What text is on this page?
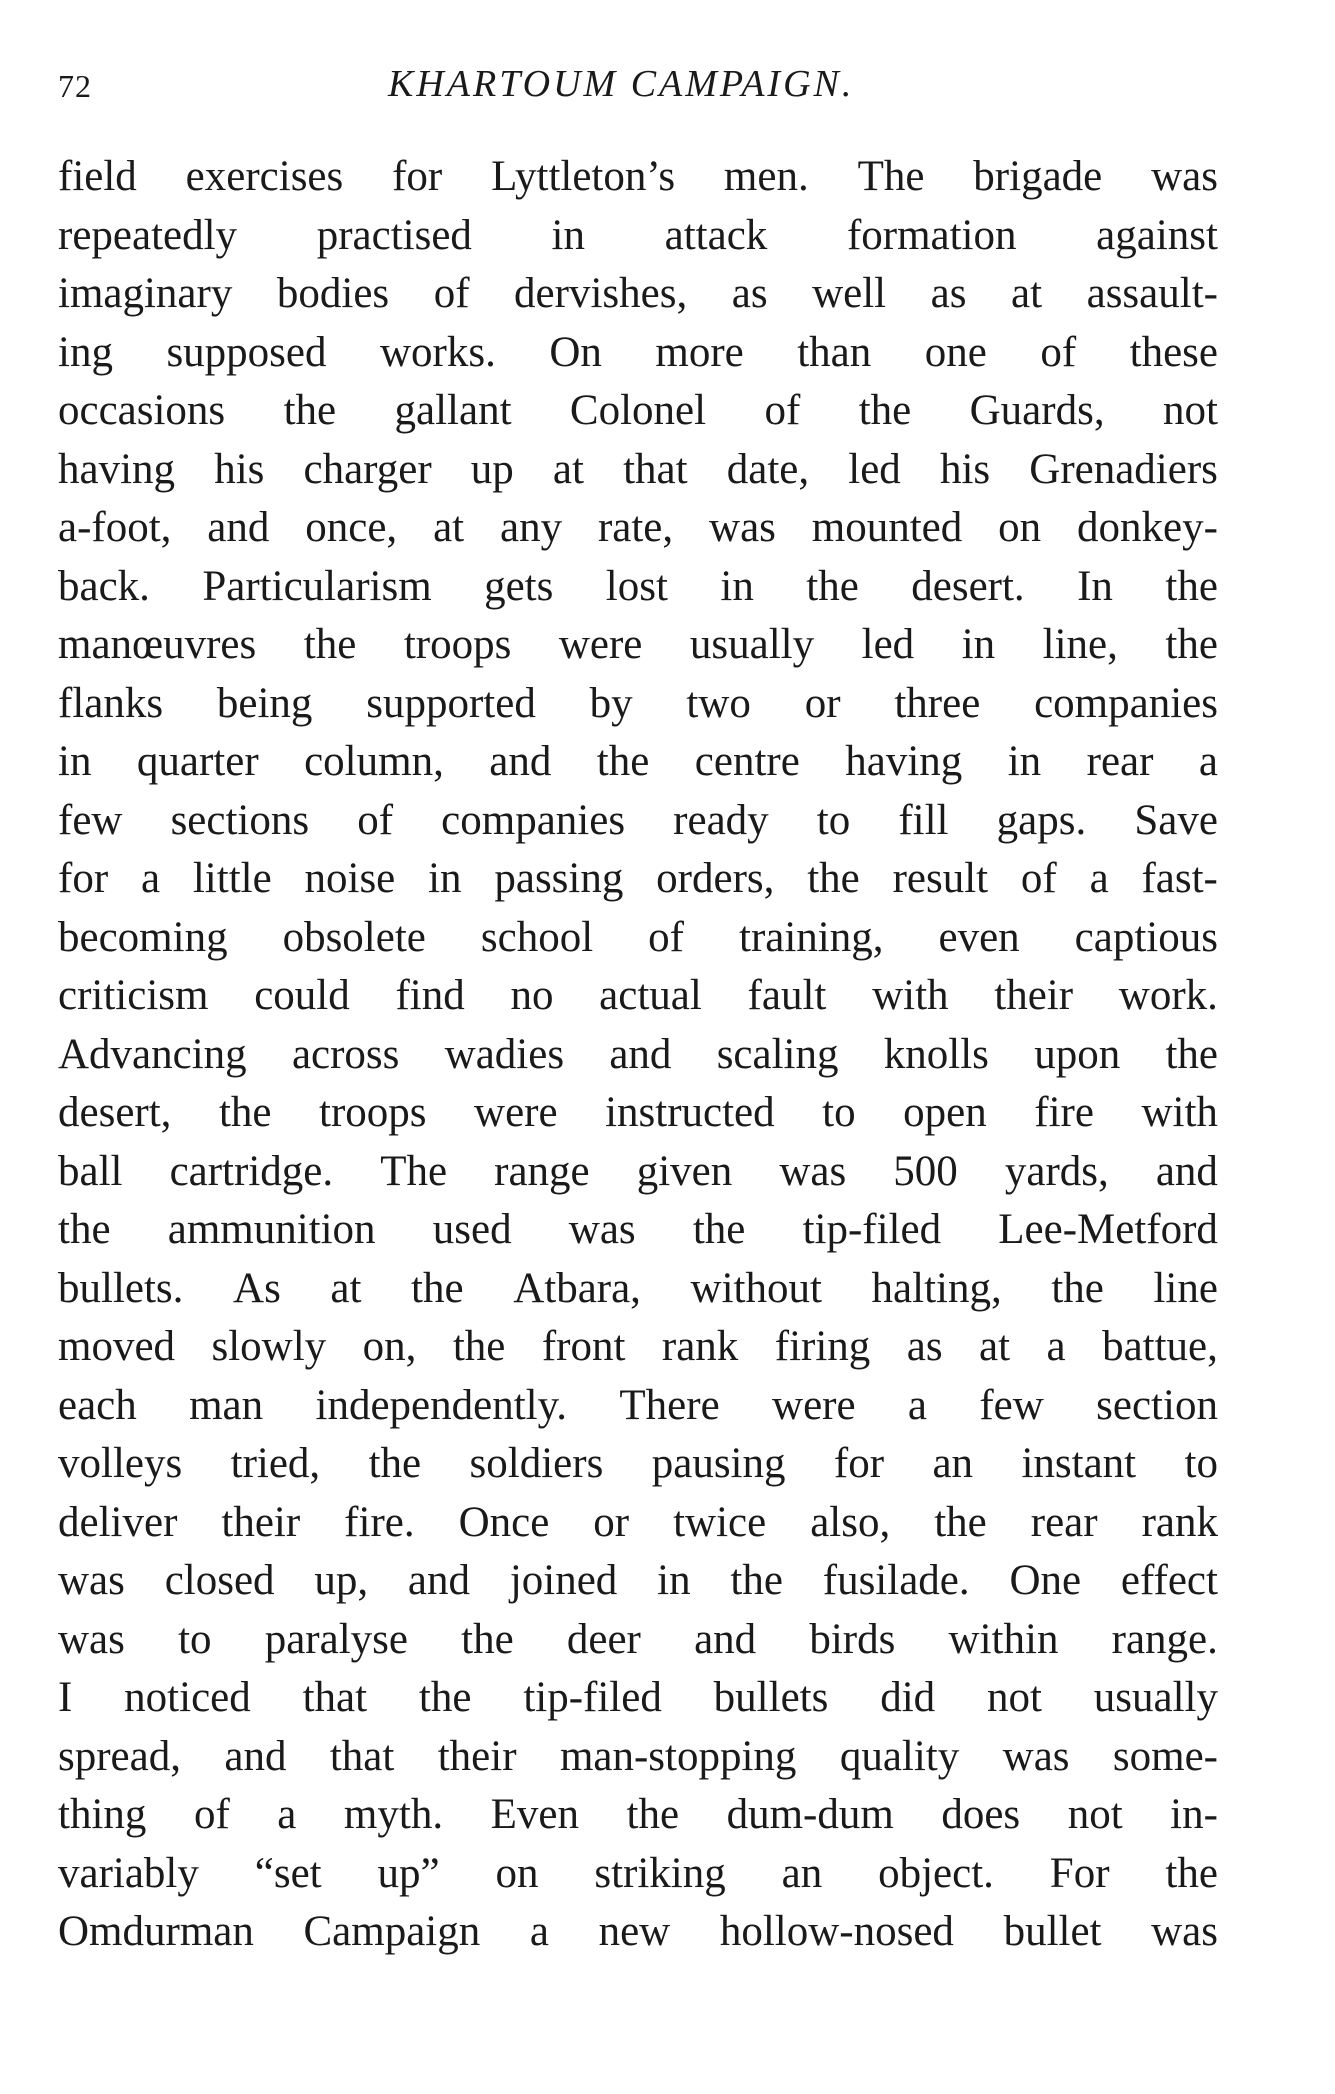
72	KHARTOUM CAMPAIGN.
field exercises for Lyttleton’s men. The brigade was
repeatedly practised in attack formation against
imaginary bodies of dervishes, as well as at assault-
ing supposed works. On more than one of these
occasions the gallant Colonel of the Guards, not
having his charger up at that date, led his Grenadiers
a-foot, and once, at any rate, was mounted on donkey-
back. Particularism gets lost in the desert. In the
manœuvres the troops were usually led in line, the
flanks being supported by two or three companies
in quarter column, and the centre having in rear a
few sections of companies ready to fill gaps. Save
for a little noise in passing orders, the result of a fast-
becoming obsolete school of training, even captious
criticism could find no actual fault with their work.
Advancing across wadies and scaling knolls upon the
desert, the troops were instructed to open fire with
ball cartridge. The range given was 500 yards, and
the ammunition used was the tip-filed Lee-Metford
bullets. As at the Atbara, without halting, the line
moved slowly on, the front rank firing as at a battue,
each man independently. There were a few section
volleys tried, the soldiers pausing for an instant to
deliver their fire. Once or twice also, the rear rank
was closed up, and joined in the fusilade. One effect
was to paralyse the deer and birds within range.
I noticed that the tip-filed bullets did not usually
spread, and that their man-stopping quality was some-
thing of a myth. Even the dum-dum does not in-
variably “set up” on striking an object. For the
Omdurman Campaign a new hollow-nosed bullet was
